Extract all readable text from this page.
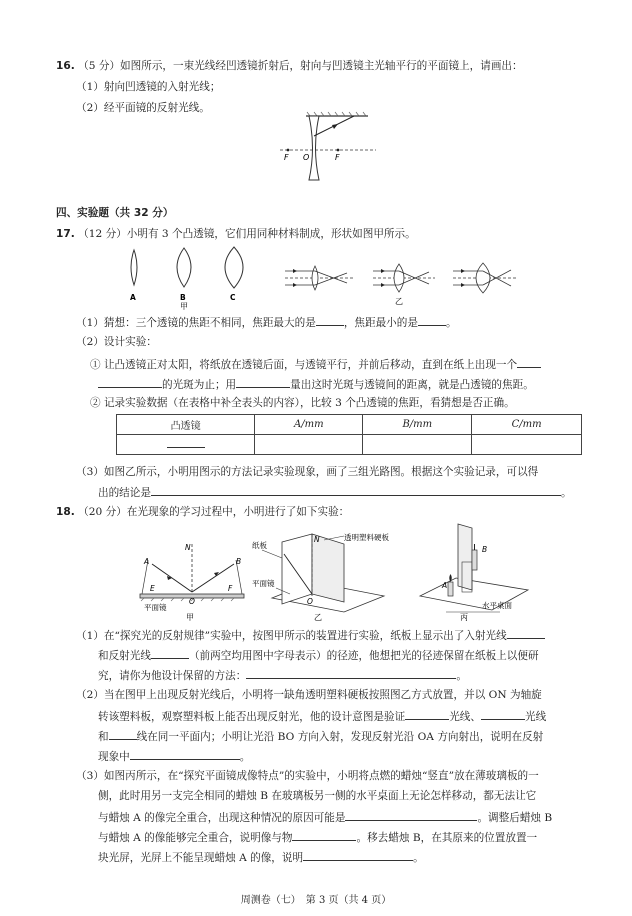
16. （5 分）如图所示，一束光线经凹透镜折射后，射向与凹透镜主光轴平行的平面镜上，请画出：
（1）射向凹透镜的入射光线；
（2）经平面镜的反射光线。
F O	F
四、实验题（共 32 分）
17. （12 分）小明有 3 个凸透镜，它们用同种材料制成，形状如图甲所示。
A	B	C
甲
乙
（1）猜想：三个透镜的焦距不相同，焦距最大的是	，焦距最小的是	。
（2）设计实验：
① 让凸透镜正对太阳，将纸放在透镜后面，与透镜平行，并前后移动，直到在纸上出现一个
的光斑为止；用	量出这时光斑与透镜间的距离，就是凸透镜的焦距。
② 记录实验数据（在表格中补全表头的内容），比较 3 个凸透镜的焦距，看猜想是否正确。
凸透镜	A/mm	B/mm	C/mm

（3）如图乙所示，小明用图示的方法记录实验现象，画了三组光路图。根据这个实验记录，可以得
出的结论是	。
18. （20 分）在光现象的学习过程中，小明进行了如下实验：
A
N
B
E
O
F
平面镜
甲
纸板
透明塑料硬板
平面镜
N
O
乙
A
B
水平桌面
丙
（1）在“探究光的反射规律”实验中，按图甲所示的装置进行实验，纸板上显示出了入射光线
和反射光线	（前两空均用图中字母表示）的径迹，他想把光的径迹保留在纸板上以便研
究，请你为他设计保留的方法：	。
（2）当在图甲上出现反射光线后，小明将一缺角透明塑料硬板按照图乙方式放置，并以 ON 为轴旋
转该塑料板，观察塑料板上能否出现反射光，他的设计意图是验证	光线、	光线
和	线在同一平面内；小明让光沿 BO 方向入射，发现反射光沿 OA 方向射出，说明在反射
现象中	。
（3）如图丙所示，在“探究平面镜成像特点”的实验中，小明将点燃的蜡烛“竖直”放在薄玻璃板的一
侧，此时用另一支完全相同的蜡烛 B 在玻璃板另一侧的水平桌面上无论怎样移动，都无法让它
与蜡烛 A 的像完全重合，出现这种情况的原因可能是	。调整后蜡烛 B
与蜡烛 A 的像能够完全重合，说明像与物	。移去蜡烛 B，在其原来的位置放置一
块光屏，光屏上不能呈现蜡烛 A 的像，说明	。
周测卷（七）　第 3 页（共 4 页）
